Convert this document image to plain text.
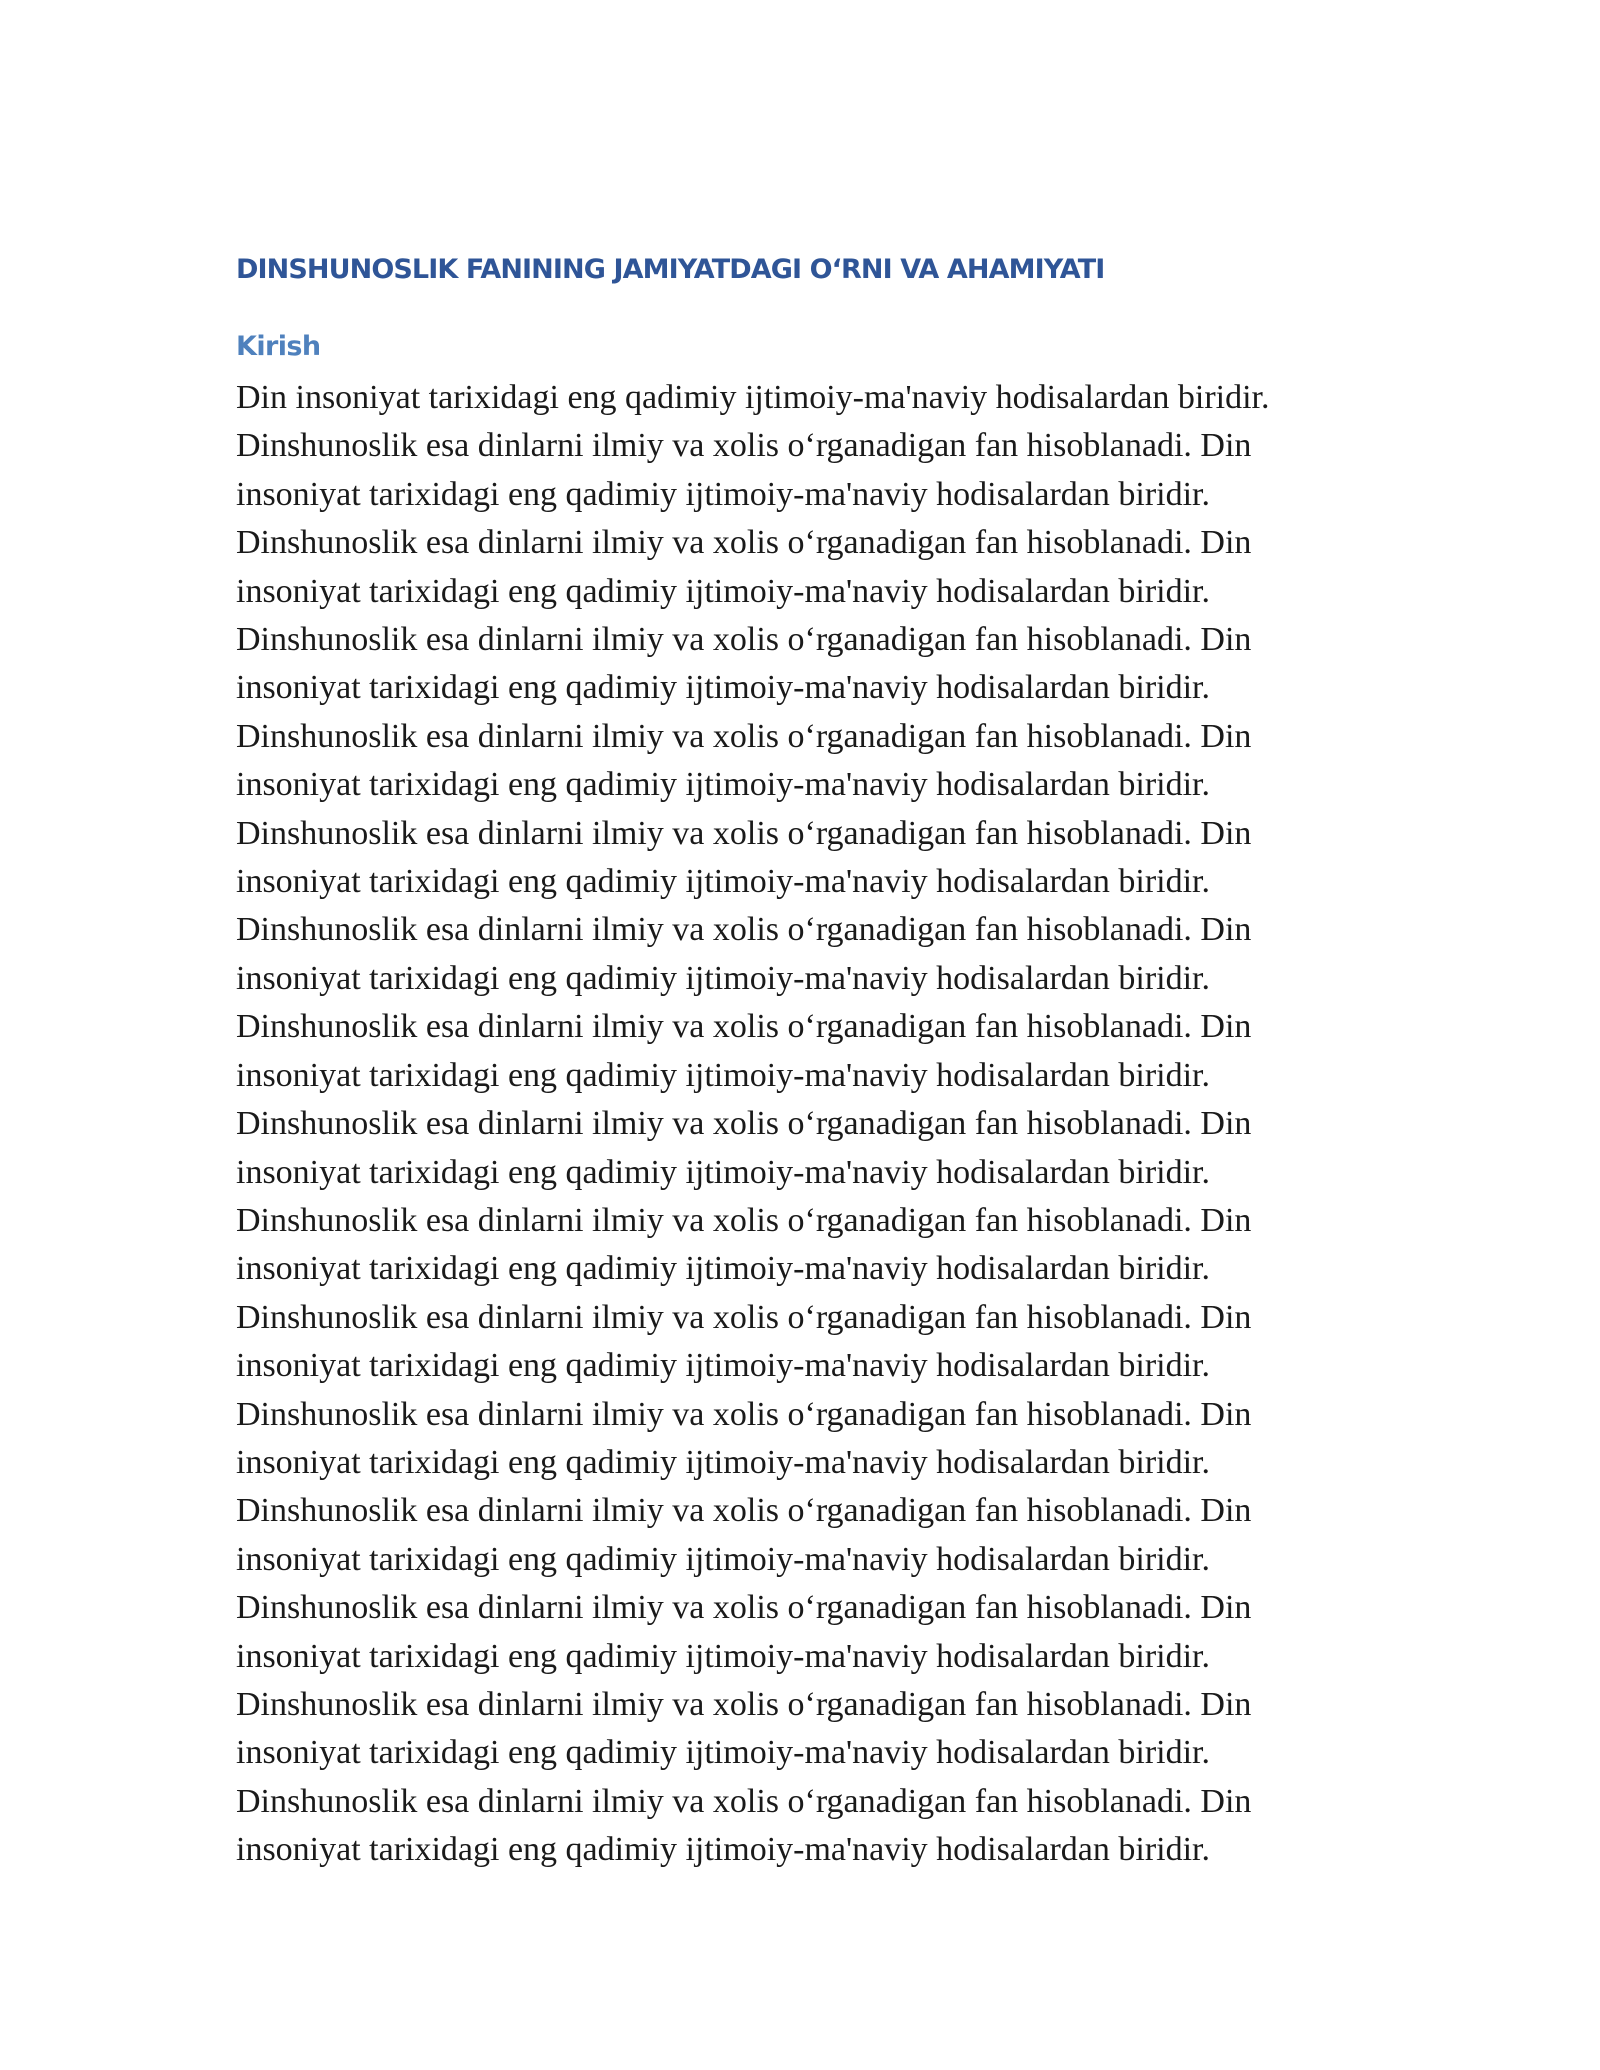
DINSHUNOSLIK FANINING JAMIYATDAGI O‘RNI VA AHAMIYATI
Kirish
Din insoniyat tarixidagi eng qadimiy ijtimoiy-ma'naviy hodisalardan biridir.
Dinshunoslik esa dinlarni ilmiy va xolis o‘rganadigan fan hisoblanadi. Din
insoniyat tarixidagi eng qadimiy ijtimoiy-ma'naviy hodisalardan biridir.
Dinshunoslik esa dinlarni ilmiy va xolis o‘rganadigan fan hisoblanadi. Din
insoniyat tarixidagi eng qadimiy ijtimoiy-ma'naviy hodisalardan biridir.
Dinshunoslik esa dinlarni ilmiy va xolis o‘rganadigan fan hisoblanadi. Din
insoniyat tarixidagi eng qadimiy ijtimoiy-ma'naviy hodisalardan biridir.
Dinshunoslik esa dinlarni ilmiy va xolis o‘rganadigan fan hisoblanadi. Din
insoniyat tarixidagi eng qadimiy ijtimoiy-ma'naviy hodisalardan biridir.
Dinshunoslik esa dinlarni ilmiy va xolis o‘rganadigan fan hisoblanadi. Din
insoniyat tarixidagi eng qadimiy ijtimoiy-ma'naviy hodisalardan biridir.
Dinshunoslik esa dinlarni ilmiy va xolis o‘rganadigan fan hisoblanadi. Din
insoniyat tarixidagi eng qadimiy ijtimoiy-ma'naviy hodisalardan biridir.
Dinshunoslik esa dinlarni ilmiy va xolis o‘rganadigan fan hisoblanadi. Din
insoniyat tarixidagi eng qadimiy ijtimoiy-ma'naviy hodisalardan biridir.
Dinshunoslik esa dinlarni ilmiy va xolis o‘rganadigan fan hisoblanadi. Din
insoniyat tarixidagi eng qadimiy ijtimoiy-ma'naviy hodisalardan biridir.
Dinshunoslik esa dinlarni ilmiy va xolis o‘rganadigan fan hisoblanadi. Din
insoniyat tarixidagi eng qadimiy ijtimoiy-ma'naviy hodisalardan biridir.
Dinshunoslik esa dinlarni ilmiy va xolis o‘rganadigan fan hisoblanadi. Din
insoniyat tarixidagi eng qadimiy ijtimoiy-ma'naviy hodisalardan biridir.
Dinshunoslik esa dinlarni ilmiy va xolis o‘rganadigan fan hisoblanadi. Din
insoniyat tarixidagi eng qadimiy ijtimoiy-ma'naviy hodisalardan biridir.
Dinshunoslik esa dinlarni ilmiy va xolis o‘rganadigan fan hisoblanadi. Din
insoniyat tarixidagi eng qadimiy ijtimoiy-ma'naviy hodisalardan biridir.
Dinshunoslik esa dinlarni ilmiy va xolis o‘rganadigan fan hisoblanadi. Din
insoniyat tarixidagi eng qadimiy ijtimoiy-ma'naviy hodisalardan biridir.
Dinshunoslik esa dinlarni ilmiy va xolis o‘rganadigan fan hisoblanadi. Din
insoniyat tarixidagi eng qadimiy ijtimoiy-ma'naviy hodisalardan biridir.
Dinshunoslik esa dinlarni ilmiy va xolis o‘rganadigan fan hisoblanadi. Din
insoniyat tarixidagi eng qadimiy ijtimoiy-ma'naviy hodisalardan biridir.
